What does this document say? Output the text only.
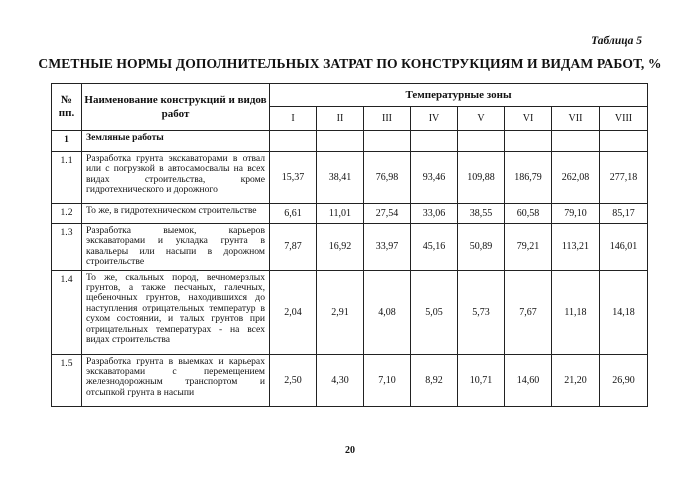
Таблица 5
СМЕТНЫЕ НОРМЫ ДОПОЛНИТЕЛЬНЫХ ЗАТРАТ ПО КОНСТРУКЦИЯМ И ВИДАМ РАБОТ, %
№ пп.	Наименование конструкций и видов работ	Температурные зоны							
		I	II	III	IV	V	VI	VII	VIII
1	Земляные работы								
1.1	Разработка грунта экскаваторами в отвал или с погрузкой в автосамосвалы на всех видах строительства, кроме гидротехнического и дорожного	15,37	38,41	76,98	93,46	109,88	186,79	262,08	277,18
1.2	То же, в гидротехническом строительстве	6,61	11,01	27,54	33,06	38,55	60,58	79,10	85,17
1.3	Разработка выемок, карьеров экскаваторами и укладка грунта в кавальеры или насыпи в дорожном строительстве	7,87	16,92	33,97	45,16	50,89	79,21	113,21	146,01
1.4	То же, скальных пород, вечномерзлых грунтов, а также песчаных, галечных, щебеночных грунтов, находившихся до наступления отрицательных температур в сухом состоянии, и талых грунтов при отрицательных температурах - на всех видах строительства	2,04	2,91	4,08	5,05	5,73	7,67	11,18	14,18
1.5	Разработка грунта в выемках и карьерах экскаваторами с перемещением железнодорожным транспортом и отсыпкой грунта в насыпи	2,50	4,30	7,10	8,92	10,71	14,60	21,20	26,90
20
